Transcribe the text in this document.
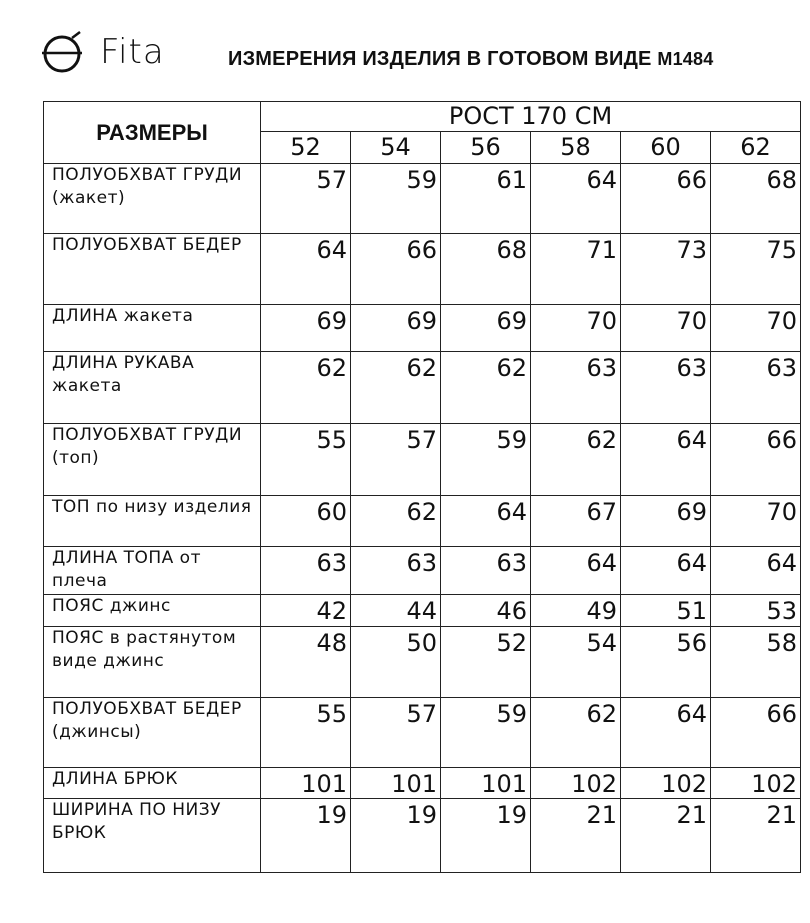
Fita	ИЗМЕРЕНИЯ ИЗДЕЛИЯ В ГОТОВОМ ВИДЕ М1484
РАЗМЕРЫ	РОСТ 170 СМ					
	52	54	56	58	60	62
ПОЛУОБХВАТ ГРУДИ (жакет)	57	59	61	64	66	68
ПОЛУОБХВАТ БЕДЕР	64	66	68	71	73	75
ДЛИНА жакета	69	69	69	70	70	70
ДЛИНА РУКАВА жакета	62	62	62	63	63	63
ПОЛУОБХВАТ ГРУДИ (топ)	55	57	59	62	64	66
ТОП по низу изделия	60	62	64	67	69	70
ДЛИНА ТОПА от плеча	63	63	63	64	64	64
ПОЯС джинс	42	44	46	49	51	53
ПОЯС в растянутом виде джинс	48	50	52	54	56	58
ПОЛУОБХВАТ БЕДЕР (джинсы)	55	57	59	62	64	66
ДЛИНА БРЮК	101	101	101	102	102	102
ШИРИНА ПО НИЗУ БРЮК	19	19	19	21	21	21
